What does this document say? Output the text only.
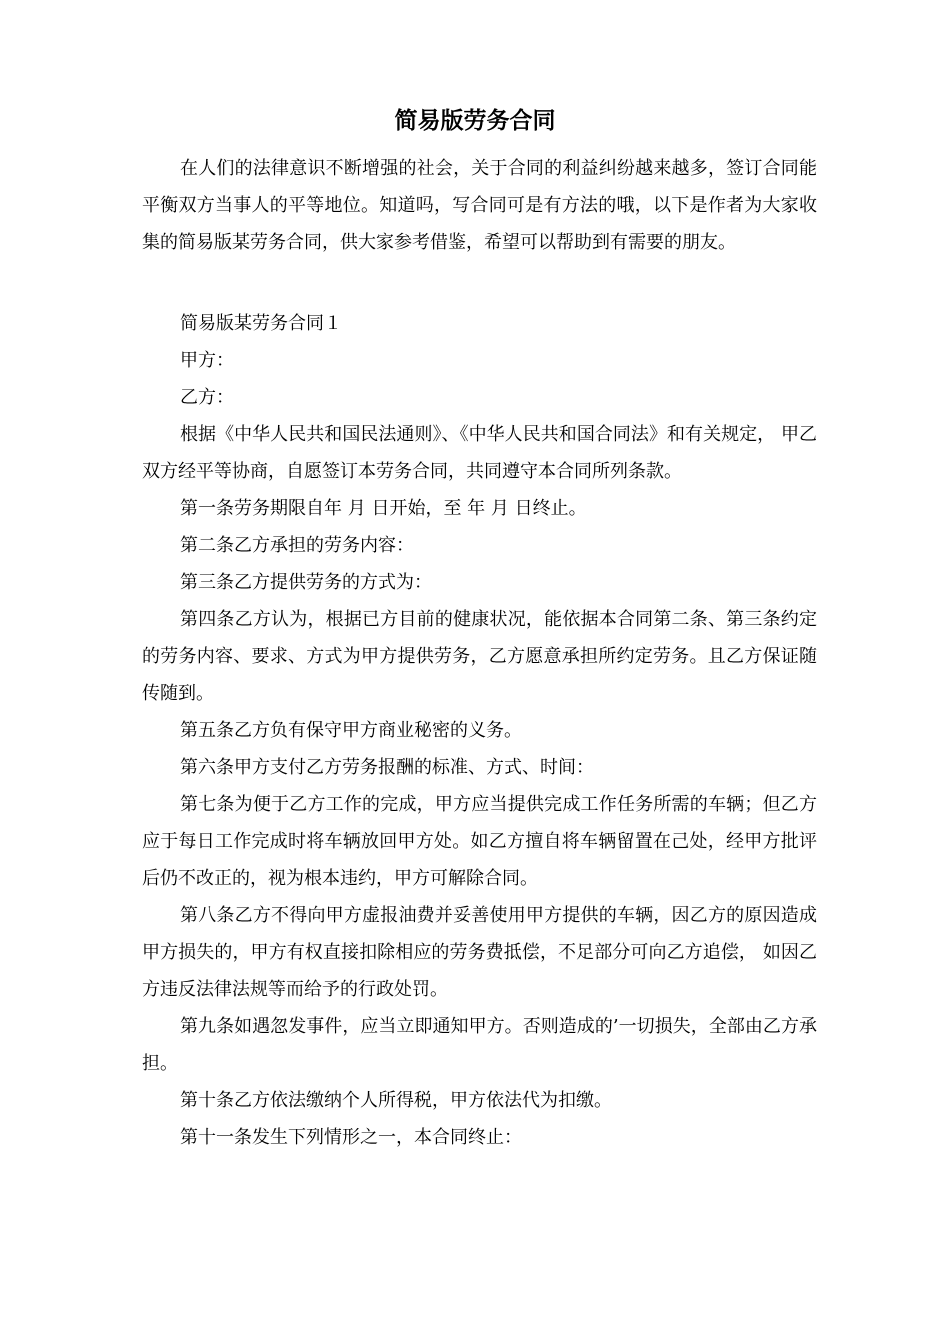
简易版劳务合同

在人们的法律意识不断增强的社会，关于合同的利益纠纷越来越多，签订合同能平衡双方当事人的平等地位。知道吗，写合同可是有方法的哦，以下是作者为大家收集的简易版某劳务合同，供大家参考借鉴，希望可以帮助到有需要的朋友。

简易版某劳务合同１

甲方：

乙方：

根据《中华人民共和国民法通则》、《中华人民共和国合同法》和有关规定， 甲乙双方经平等协商，自愿签订本劳务合同，共同遵守本合同所列条款。

第一条劳务期限自年 月 日开始，至 年 月 日终止。

第二条乙方承担的劳务内容：

第三条乙方提供劳务的方式为：

第四条乙方认为，根据已方目前的健康状况，能依据本合同第二条、第三条约定的劳务内容、要求、方式为甲方提供劳务，乙方愿意承担所约定劳务。且乙方保证随传随到。

第五条乙方负有保守甲方商业秘密的义务。

第六条甲方支付乙方劳务报酬的标准、方式、时间：

第七条为便于乙方工作的完成，甲方应当提供完成工作任务所需的车辆；但乙方应于每日工作完成时将车辆放回甲方处。如乙方擅自将车辆留置在己处，经甲方批评后仍不改正的，视为根本违约，甲方可解除合同。

第八条乙方不得向甲方虚报油费并妥善使用甲方提供的车辆，因乙方的原因造成甲方损失的，甲方有权直接扣除相应的劳务费抵偿，不足部分可向乙方追偿， 如因乙方违反法律法规等而给予的行政处罚。

第九条如遇忽发事件，应当立即通知甲方。否则造成的’一切损失，全部由乙方承担。

第十条乙方依法缴纳个人所得税，甲方依法代为扣缴。

第十一条发生下列情形之一，本合同终止：
